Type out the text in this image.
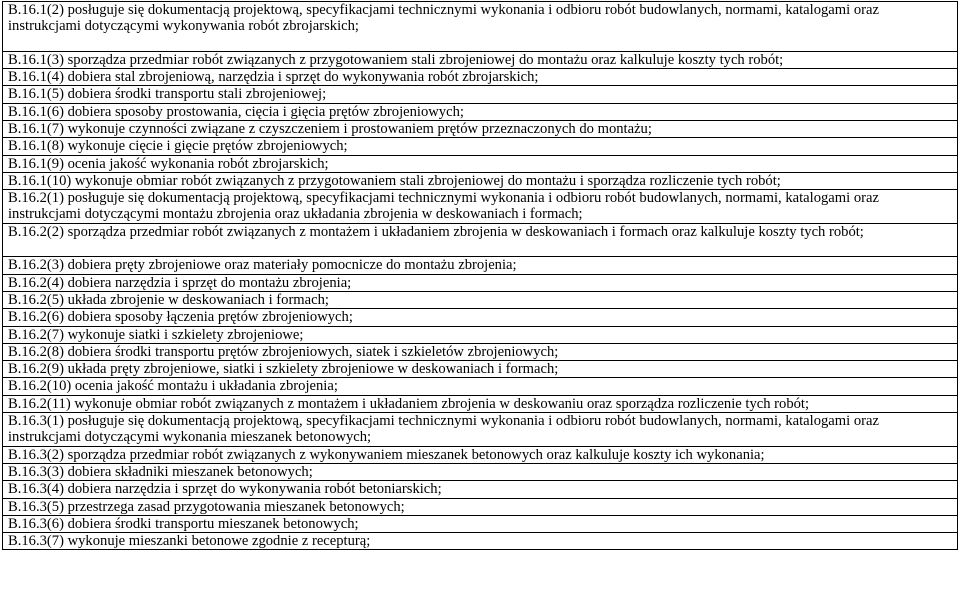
B.16.1(2) posługuje się dokumentacją projektową, specyfikacjami technicznymi wykonania i odbioru robót budowlanych, normami, katalogami oraz instrukcjami dotyczącymi wykonywania robót zbrojarskich;
B.16.1(3) sporządza przedmiar robót związanych z przygotowaniem stali zbrojeniowej do montażu oraz kalkuluje koszty tych robót;
B.16.1(4) dobiera stal zbrojeniową, narzędzia i sprzęt do wykonywania robót zbrojarskich;
B.16.1(5) dobiera środki transportu stali zbrojeniowej;
B.16.1(6) dobiera sposoby prostowania, cięcia i gięcia prętów zbrojeniowych;
B.16.1(7) wykonuje czynności związane z czyszczeniem i prostowaniem prętów przeznaczonych do montażu;
B.16.1(8) wykonuje cięcie i gięcie prętów zbrojeniowych;
B.16.1(9) ocenia jakość wykonania robót zbrojarskich;
B.16.1(10) wykonuje obmiar robót związanych z przygotowaniem stali zbrojeniowej do montażu i sporządza rozliczenie tych robót;
B.16.2(1) posługuje się dokumentacją projektową, specyfikacjami technicznymi wykonania i odbioru robót budowlanych, normami, katalogami oraz instrukcjami dotyczącymi montażu zbrojenia oraz układania zbrojenia w deskowaniach i formach;
B.16.2(2) sporządza przedmiar robót związanych z montażem i układaniem zbrojenia w deskowaniach i formach oraz kalkuluje koszty tych robót;
B.16.2(3) dobiera pręty zbrojeniowe oraz materiały pomocnicze do montażu zbrojenia;
B.16.2(4) dobiera narzędzia i sprzęt do montażu zbrojenia;
B.16.2(5) układa zbrojenie w deskowaniach i formach;
B.16.2(6) dobiera sposoby łączenia prętów zbrojeniowych;
B.16.2(7) wykonuje siatki i szkielety zbrojeniowe;
B.16.2(8) dobiera środki transportu prętów zbrojeniowych, siatek i szkieletów zbrojeniowych;
B.16.2(9) układa pręty zbrojeniowe, siatki i szkielety zbrojeniowe w deskowaniach i formach;
B.16.2(10) ocenia jakość montażu i układania zbrojenia;
B.16.2(11) wykonuje obmiar robót związanych z montażem i układaniem zbrojenia w deskowaniu oraz sporządza rozliczenie tych robót;
B.16.3(1) posługuje się dokumentacją projektową, specyfikacjami technicznymi wykonania i odbioru robót budowlanych, normami, katalogami oraz instrukcjami dotyczącymi wykonania mieszanek betonowych;
B.16.3(2) sporządza przedmiar robót związanych z wykonywaniem mieszanek betonowych oraz kalkuluje koszty ich wykonania;
B.16.3(3) dobiera składniki mieszanek betonowych;
B.16.3(4) dobiera narzędzia i sprzęt do wykonywania robót betoniarskich;
B.16.3(5) przestrzega zasad przygotowania mieszanek betonowych;
B.16.3(6) dobiera środki transportu mieszanek betonowych;
B.16.3(7) wykonuje mieszanki betonowe zgodnie z recepturą;
